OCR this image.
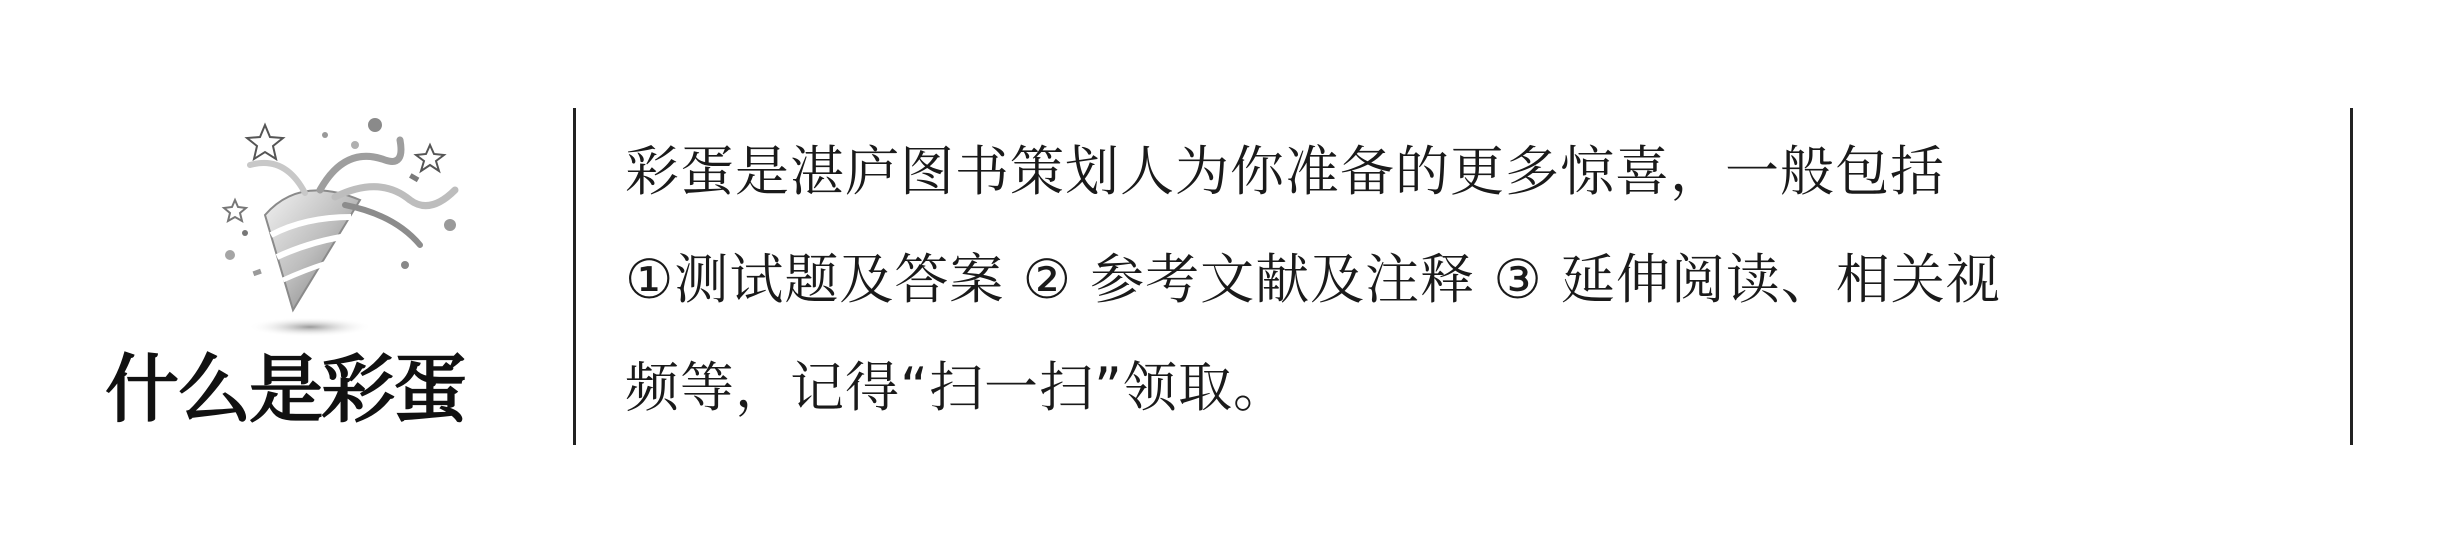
什么是彩蛋
彩蛋是湛庐图书策划人为你准备的更多惊喜，一般包括
①测试题及答案 ② 参考文献及注释 ③ 延伸阅读、相关视
频等，记得“扫一扫”领取。
